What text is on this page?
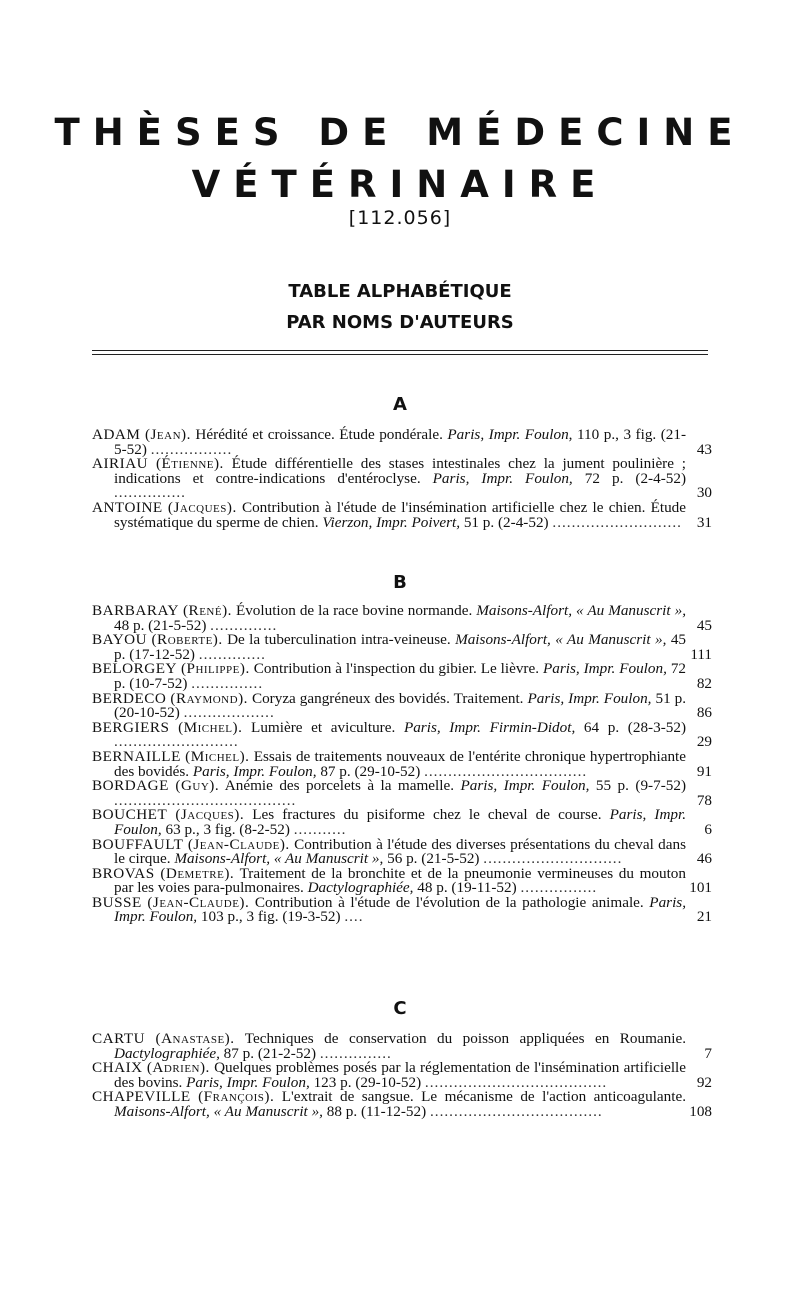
THÈSES DE MÉDECINE
VÉTÉRINAIRE
[112.056]
TABLE ALPHABÉTIQUE
PAR NOMS D'AUTEURS
A

ADAM (Jean). Hérédité et croissance. Étude pondérale. Paris, Impr. Foulon, 110 p., 3 fig. (21-5-52) .................	43

AIRIAU (Étienne). Étude différentielle des stases intestinales chez la jument poulinière ; indications et contre-indications d'entéroclyse. Paris, Impr. Foulon, 72 p. (2-4-52) ...............	30

ANTOINE (Jacques). Contribution à l'étude de l'insémination artificielle chez le chien. Étude systématique du sperme de chien. Vierzon, Impr. Poivert, 51 p. (2-4-52) ........................... 31

B

BARBARAY (René). Évolution de la race bovine normande. Maisons-Alfort, « Au Manuscrit », 48 p. (21-5-52) ..............	45

BAYOU (Roberte). De la tuberculination intra-veineuse. Maisons-Alfort, « Au Manuscrit », 45 p. (17-12-52) ..............	111

BELORGEY (Philippe). Contribution à l'inspection du gibier. Le lièvre. Paris, Impr. Foulon, 72 p. (10-7-52) ...............	82

BERDECO (Raymond). Coryza gangréneux des bovidés. Traitement. Paris, Impr. Foulon, 51 p. (20-10-52) ...................	86

BERGIERS (Michel). Lumière et aviculture. Paris, Impr. Firmin-Didot, 64 p. (28-3-52) ..........................	29

BERNAILLE (Michel). Essais de traitements nouveaux de l'entérite chronique hypertrophiante des bovidés. Paris, Impr. Foulon, 87 p. (29-10-52) ..................................	91

BORDAGE (Guy). Anémie des porcelets à la mamelle. Paris, Impr. Foulon, 55 p. (9-7-52) ......................................	78

BOUCHET (Jacques). Les fractures du pisiforme chez le cheval de course. Paris, Impr. Foulon, 63 p., 3 fig. (8-2-52) ...........	6

BOUFFAULT (Jean-Claude). Contribution à l'étude des diverses présentations du cheval dans le cirque. Maisons-Alfort, « Au Manuscrit », 56 p. (21-5-52) .............................	46

BROVAS (Demetre). Traitement de la bronchite et de la pneumonie vermineuses du mouton par les voies para-pulmonaires. Dactylographiée, 48 p. (19-11-52) ................	101

BUSSE (Jean-Claude). Contribution à l'étude de l'évolution de la pathologie animale. Paris, Impr. Foulon, 103 p., 3 fig. (19-3-52) ....	21

C

CARTU (Anastase). Techniques de conservation du poisson appliquées en Roumanie. Dactylographiée, 87 p. (21-2-52) ...............	7

CHAIX (Adrien). Quelques problèmes posés par la réglementation de l'insémination artificielle des bovins. Paris, Impr. Foulon, 123 p. (29-10-52) ......................................	92

CHAPEVILLE (François). L'extrait de sangsue. Le mécanisme de l'action anticoagulante. Maisons-Alfort, « Au Manuscrit », 88 p. (11-12-52) ....................................	108
